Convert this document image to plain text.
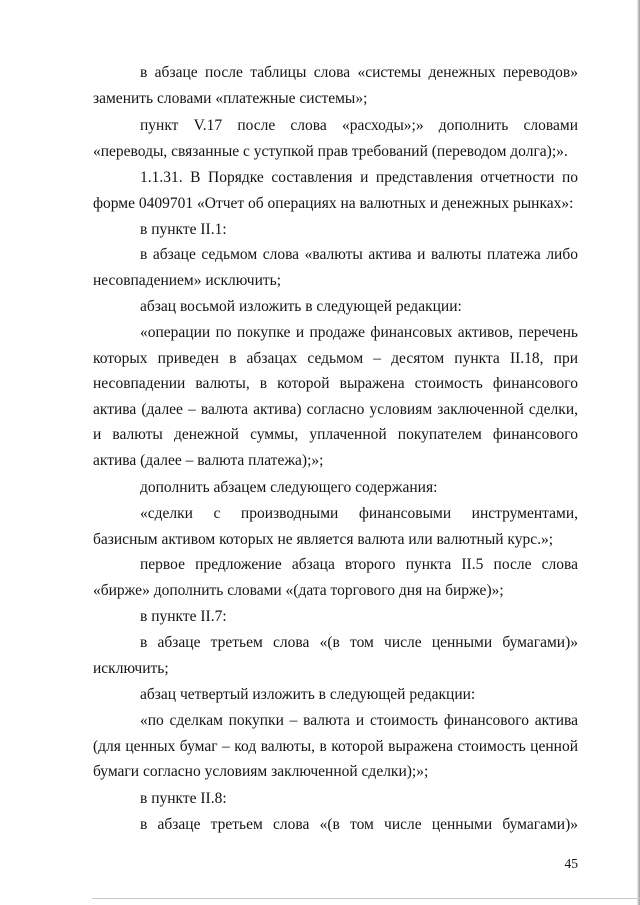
в абзаце после таблицы слова «системы денежных переводов» заменить словами «платежные системы»;

пункт V.17 после слова «расходы»;» дополнить словами «переводы, связанные с уступкой прав требований (переводом долга);».

1.1.31. В Порядке составления и представления отчетности по форме 0409701 «Отчет об операциях на валютных и денежных рынках»:

в пункте II.1:

в абзаце седьмом слова «валюты актива и валюты платежа либо несовпадением» исключить;

абзац восьмой изложить в следующей редакции:

«операции по покупке и продаже финансовых активов, перечень которых приведен в абзацах седьмом – десятом пункта II.18, при несовпадении валюты, в которой выражена стоимость финансового актива (далее – валюта актива) согласно условиям заключенной сделки, и валюты денежной суммы, уплаченной покупателем финансового актива (далее – валюта платежа);»;

дополнить абзацем следующего содержания:

«сделки с производными финансовыми инструментами, базисным активом которых не является валюта или валютный курс.»;

первое предложение абзаца второго пункта II.5 после слова «бирже» дополнить словами «(дата торгового дня на бирже)»;

в пункте II.7:

в абзаце третьем слова «(в том числе ценными бумагами)» исключить;

абзац четвертый изложить в следующей редакции:

«по сделкам покупки – валюта и стоимость финансового актива (для ценных бумаг – код валюты, в которой выражена стоимость ценной бумаги согласно условиям заключенной сделки);»;

в пункте II.8:

в абзаце третьем слова «(в том числе ценными бумагами)»

45
